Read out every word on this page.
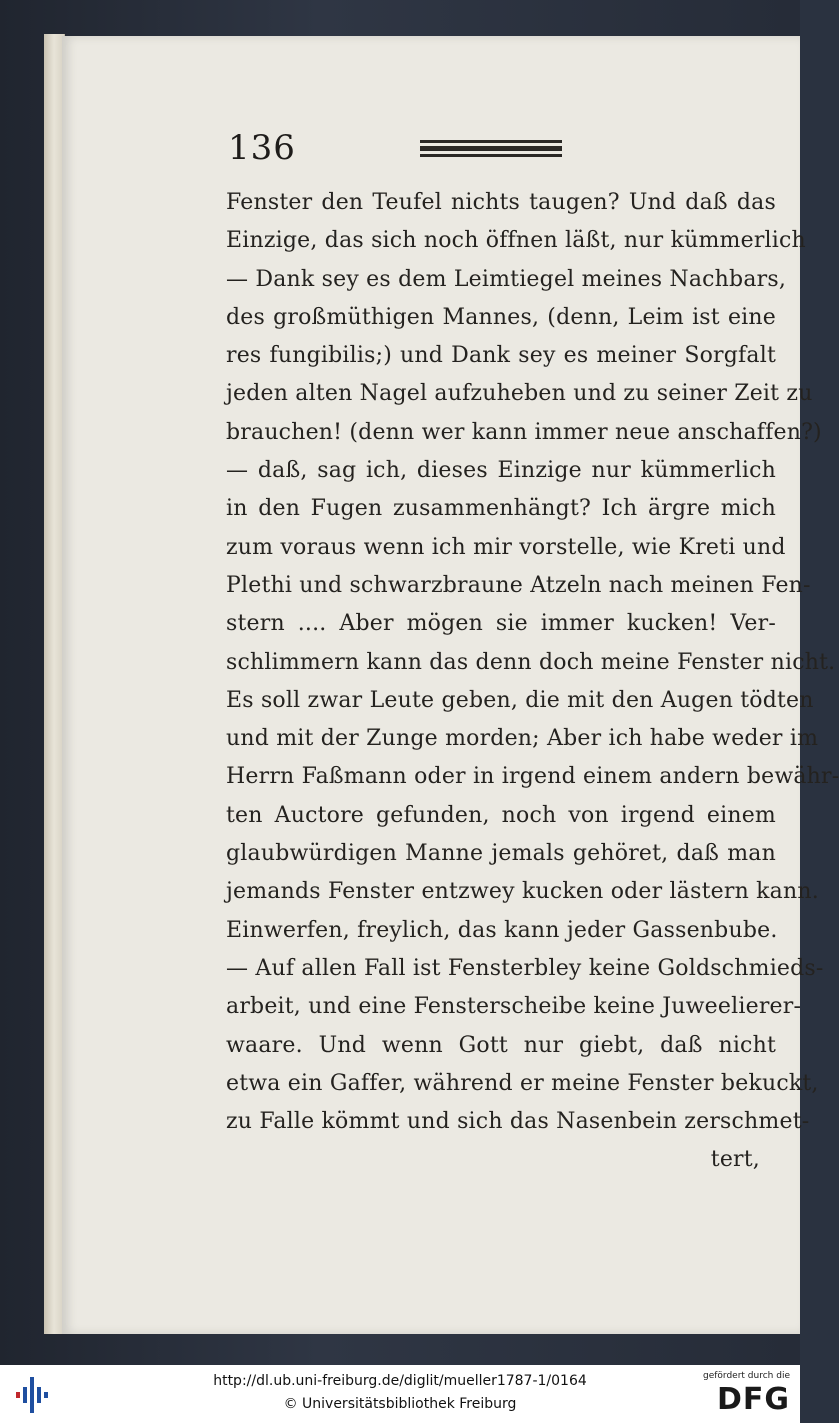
136
Fenster den Teufel nichts taugen? Und daß das
Einzige, das sich noch öffnen läßt, nur kümmerlich
— Dank sey es dem Leimtiegel meines Nachbars,
des großmüthigen Mannes, (denn, Leim ist eine
res fungibilis;) und Dank sey es meiner Sorgfalt
jeden alten Nagel aufzuheben und zu seiner Zeit zu
brauchen! (denn wer kann immer neue anschaffen?)
— daß, sag ich, dieses Einzige nur kümmerlich
in den Fugen zusammenhängt? Ich ärgre mich
zum voraus wenn ich mir vorstelle, wie Kreti und
Plethi und schwarzbraune Atzeln nach meinen Fen-
stern .... Aber mögen sie immer kucken! Ver-
schlimmern kann das denn doch meine Fenster nicht.
Es soll zwar Leute geben, die mit den Augen tödten
und mit der Zunge morden; Aber ich habe weder im
Herrn Faßmann oder in irgend einem andern bewähr-
ten Auctore gefunden, noch von irgend einem
glaubwürdigen Manne jemals gehöret, daß man
jemands Fenster entzwey kucken oder lästern kann.
Einwerfen, freylich, das kann jeder Gassenbube.
— Auf allen Fall ist Fensterbley keine Goldschmieds-
arbeit, und eine Fensterscheibe keine Juweelierer-
waare. Und wenn Gott nur giebt, daß nicht
etwa ein Gaffer, während er meine Fenster bekuckt,
zu Falle kömmt und sich das Nasenbein zerschmet-
tert,
http://dl.ub.uni-freiburg.de/diglit/mueller1787-1/0164
© Universitätsbibliothek Freiburg
gefördert durch die
DFG
